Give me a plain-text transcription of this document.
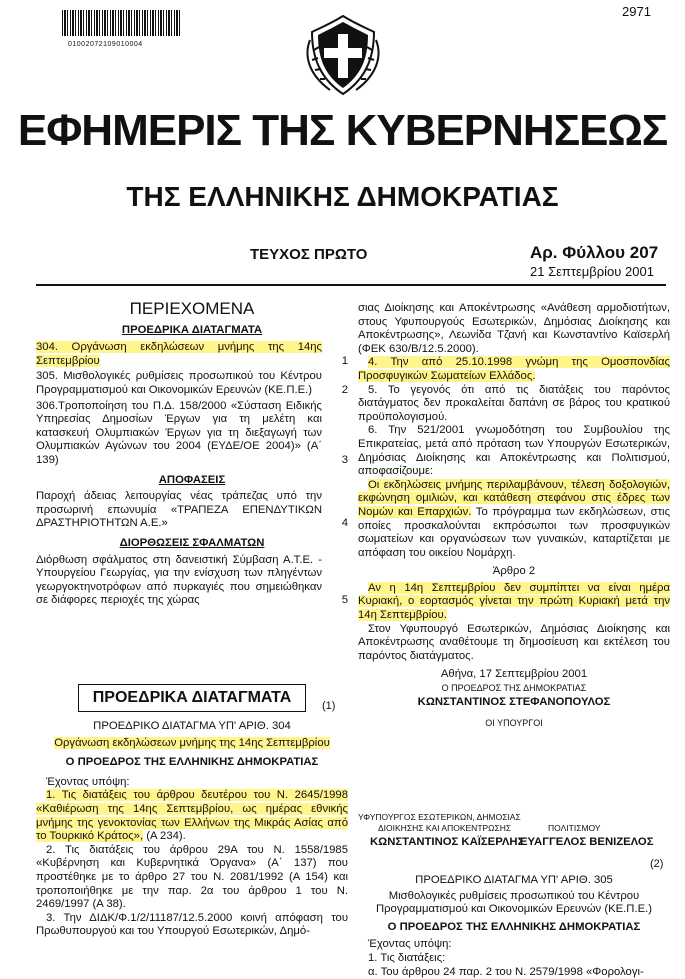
01002072109010004
2971
ΕΦΗΜΕΡΙΣ ΤΗΣ ΚΥΒΕΡΝΗΣΕΩΣ
ΤΗΣ ΕΛΛΗΝΙΚΗΣ ΔΗΜΟΚΡΑΤΙΑΣ
ΤΕΥΧΟΣ ΠΡΩΤΟ	Αρ. Φύλλου 207
21 Σεπτεμβρίου 2001
ΠΕΡΙΕΧΟΜΕΝΑ
ΠΡΟΕΔΡΙΚΑ ΔΙΑΤΑΓΜΑΤΑ
304. Οργάνωση εκδηλώσεων μνήμης της 14ης Σεπτεμβρίου	1
305. Μισθολογικές ρυθμίσεις προσωπικού του Κέντρου Προγραμματισμού και Οικονομικών Ερευνών (ΚΕ.Π.Ε.)	2
306.Τροποποίηση του Π.Δ. 158/2000 «Σύσταση Ειδικής Υπηρεσίας Δημοσίων Έργων για τη μελέτη και κατασκευή Ολυμπιακών Έργων για τη διεξαγωγή των Ολυμπιακών Αγώνων του 2004 (ΕΥΔΕ/ΟΕ 2004)» (Α΄ 139)	3
ΑΠΟΦΑΣΕΙΣ
Παροχή άδειας λειτουργίας νέας τράπεζας υπό την προσωρινή επωνυμία «ΤΡΑΠΕΖΑ ΕΠΕΝΔΥΤΙΚΩΝ ΔΡΑΣΤΗΡΙΟΤΗΤΩΝ Α.Ε.»	4
ΔΙΟΡΘΩΣΕΙΣ ΣΦΑΛΜΑΤΩΝ
Διόρθωση σφάλματος στη δανειστική Σύμβαση Α.Τ.Ε. - Υπουργείου Γεωργίας, για την ενίσχυση των πληγέντων γεωργοκτηνοτρόφων από πυρκαγιές που σημειώθηκαν σε διάφορες περιοχές της χώρας	5
ΠΡΟΕΔΡΙΚΑ ΔΙΑΤΑΓΜΑΤΑ	(1)

ΠΡΟΕΔΡΙΚΟ ΔΙΑΤΑΓΜΑ ΥΠ' ΑΡΙΘ. 304

Οργάνωση εκδηλώσεων μνήμης της 14ης Σεπτεμβρίου

Ο ΠΡΟΕΔΡΟΣ ΤΗΣ ΕΛΛΗΝΙΚΗΣ ΔΗΜΟΚΡΑΤΙΑΣ

Έχοντας υπόψη:

1. Τις διατάξεις του άρθρου δευτέρου του Ν. 2645/1998 «Καθιέρωση της 14ης Σεπτεμβρίου, ως ημέρας εθνικής μνήμης της γενοκτονίας των Ελλήνων της Μικράς Ασίας από το Τουρκικό Κράτος», (Α 234).

2. Τις διατάξεις του άρθρου 29Α του Ν. 1558/1985 «Κυβέρνηση και Κυβερνητικά Όργανα» (Α΄ 137) που προστέθηκε με το άρθρο 27 του Ν. 2081/1992 (Α 154) και τροποποιήθηκε με την παρ. 2α του άρθρου 1 του Ν. 2469/1997 (Α 38).

3. Την ΔΙΔΚ/Φ.1/2/11187/12.5.2000 κοινή απόφαση του Πρωθυπουργού και του Υπουργού Εσωτερικών, Δημό-

σιας Διοίκησης και Αποκέντρωσης «Ανάθεση αρμοδιοτήτων, στους Υφυπουργούς Εσωτερικών, Δημόσιας Διοίκησης και Αποκέντρωσης», Λεωνίδα Τζανή και Κωνσταντίνο Καϊσερλή (ΦΕΚ 630/Β/12.5.2000).

4. Την από 25.10.1998 γνώμη της Ομοσπονδίας Προσφυγικών Σωματείων Ελλάδος.

5. Το γεγονός ότι από τις διατάξεις του παρόντος διατάγματος δεν προκαλείται δαπάνη σε βάρος του κρατικού προϋπολογισμού.

6. Την 521/2001 γνωμοδότηση του Συμβουλίου της Επικρατείας, μετά από πρόταση των Υπουργών Εσωτερικών, Δημόσιας Διοίκησης και Αποκέντρωσης και Πολιτισμού, αποφασίζουμε:

Οι εκδηλώσεις μνήμης περιλαμβάνουν, τέλεση δοξολογιών, εκφώνηση ομιλιών, και κατάθεση στεφάνου στις έδρες των Νομών και Επαρχιών. Το πρόγραμμα των εκδηλώσεων, στις οποίες προσκαλούνται εκπρόσωποι των προσφυγικών σωματείων και οργανώσεων των γυναικών, καταρτίζεται με απόφαση του οικείου Νομάρχη.

Άρθρο 2

Αν η 14η Σεπτεμβρίου δεν συμπίπτει να είναι ημέρα Κυριακή, ο εορτασμός γίνεται την πρώτη Κυριακή μετά την 14η Σεπτεμβρίου.

Στον Υφυπουργό Εσωτερικών, Δημόσιας Διοίκησης και Αποκέντρωσης αναθέτουμε τη δημοσίευση και εκτέλεση του παρόντος διατάγματος.

Αθήνα, 17 Σεπτεμβρίου 2001

Ο ΠΡΟΕΔΡΟΣ ΤΗΣ ΔΗΜΟΚΡΑΤΙΑΣ

ΚΩΝΣΤΑΝΤΙΝΟΣ ΣΤΕΦΑΝΟΠΟΥΛΟΣ

ΟΙ ΥΠΟΥΡΓΟΙ

ΥΦΥΠΟΥΡΓΟΣ ΕΣΩΤΕΡΙΚΩΝ, ΔΗΜΟΣΙΑΣ
ΔΙΟΙΚΗΣΗΣ ΚΑΙ ΑΠΟΚΕΝΤΡΩΣΗΣ	ΠΟΛΙΤΙΣΜΟΥ
ΚΩΝΣΤΑΝΤΙΝΟΣ ΚΑΪΣΕΡΛΗΣ
ΕΥΑΓΓΕΛΟΣ ΒΕΝΙΖΕΛΟΣ
(2)

ΠΡΟΕΔΡΙΚΟ ΔΙΑΤΑΓΜΑ ΥΠ' ΑΡΙΘ. 305

Μισθολογικές ρυθμίσεις προσωπικού του Κέντρου Προγραμματισμού και Οικονομικών Ερευνών (ΚΕ.Π.Ε.)

Ο ΠΡΟΕΔΡΟΣ ΤΗΣ ΕΛΛΗΝΙΚΗΣ ΔΗΜΟΚΡΑΤΙΑΣ

Έχοντας υπόψη:

1. Τις διατάξεις:

α. Του άρθρου 24 παρ. 2 του Ν. 2579/1998 «Φορολογι-
